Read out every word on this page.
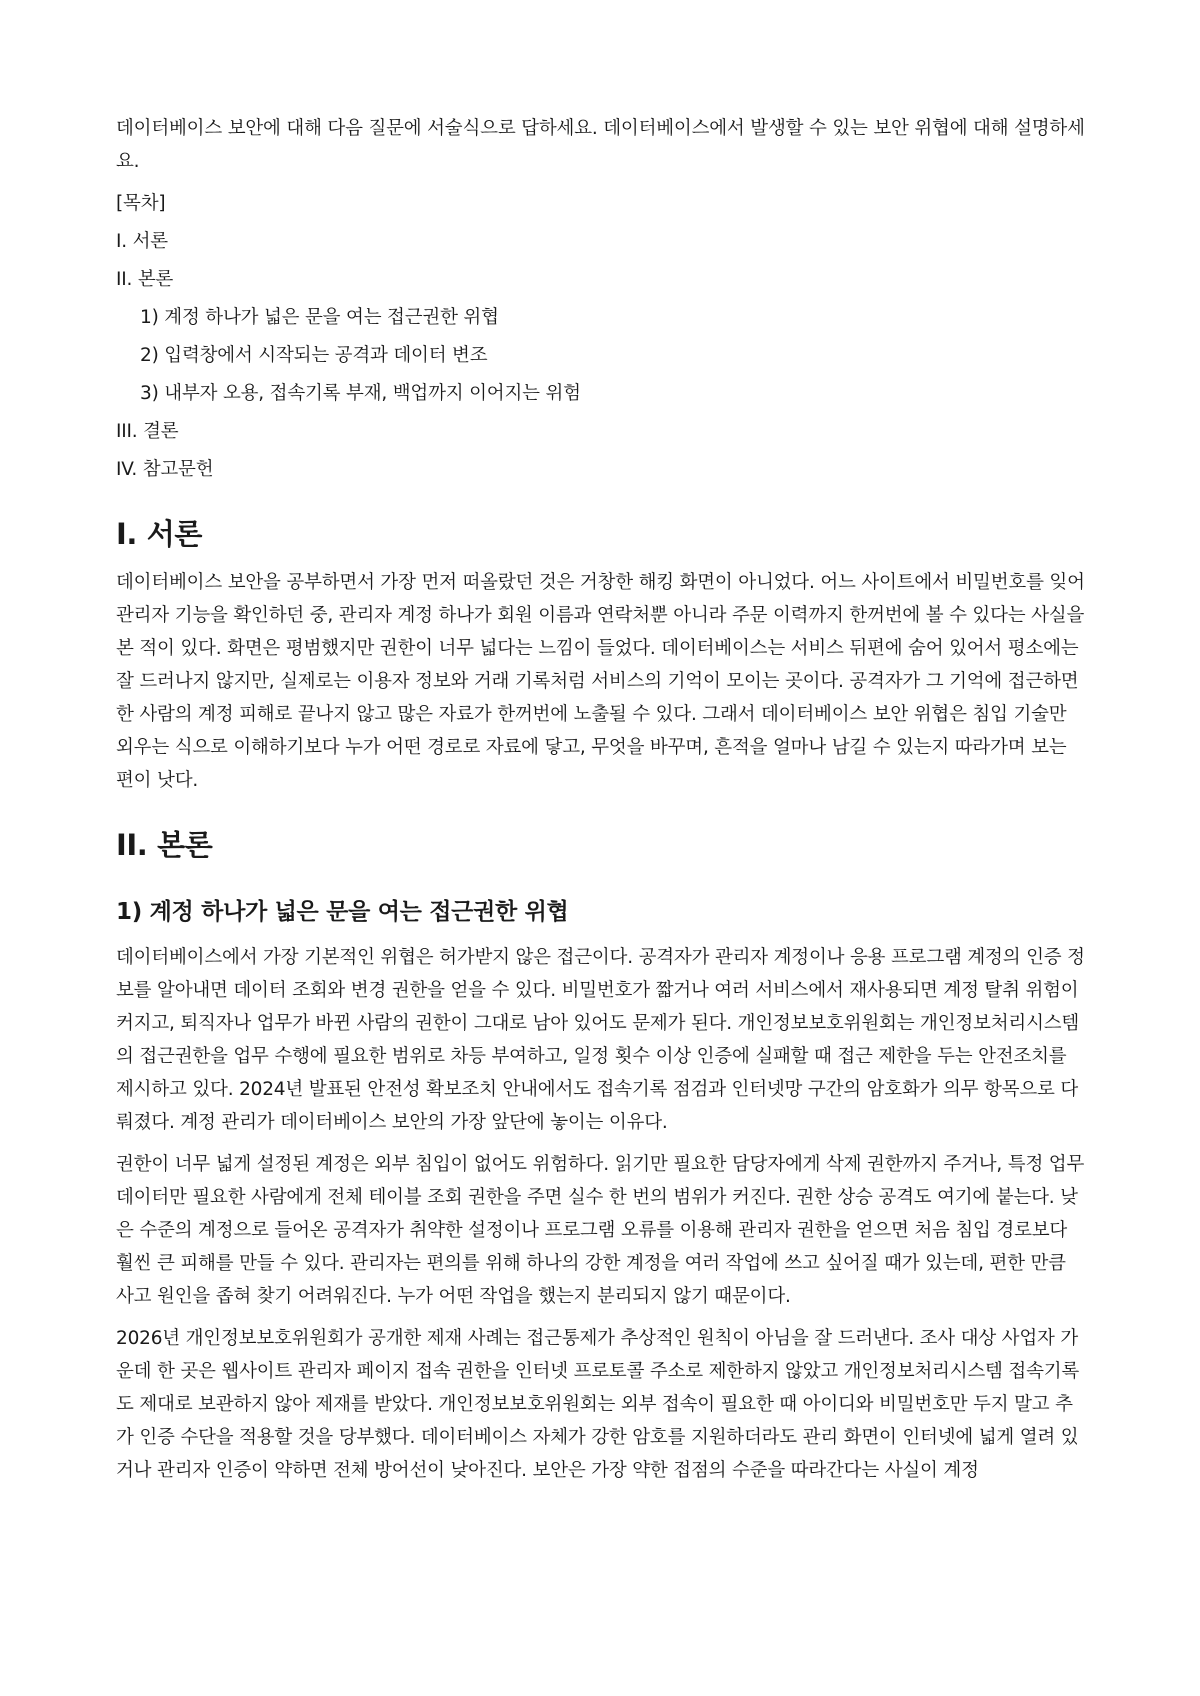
데이터베이스 보안에 대해 다음 질문에 서술식으로 답하세요. 데이터베이스에서 발생할 수 있는 보안 위협에 대해 설명하세요.

[목차]
I. 서론
II. 본론
1) 계정 하나가 넓은 문을 여는 접근권한 위협
2) 입력창에서 시작되는 공격과 데이터 변조
3) 내부자 오용, 접속기록 부재, 백업까지 이어지는 위험
III. 결론
IV. 참고문헌
I. 서론

데이터베이스 보안을 공부하면서 가장 먼저 떠올랐던 것은 거창한 해킹 화면이 아니었다. 어느 사이트에서 비밀번호를 잊어 관리자 기능을 확인하던 중, 관리자 계정 하나가 회원 이름과 연락처뿐 아니라 주문 이력까지 한꺼번에 볼 수 있다는 사실을 본 적이 있다. 화면은 평범했지만 권한이 너무 넓다는 느낌이 들었다. 데이터베이스는 서비스 뒤편에 숨어 있어서 평소에는 잘 드러나지 않지만, 실제로는 이용자 정보와 거래 기록처럼 서비스의 기억이 모이는 곳이다. 공격자가 그 기억에 접근하면 한 사람의 계정 피해로 끝나지 않고 많은 자료가 한꺼번에 노출될 수 있다. 그래서 데이터베이스 보안 위협은 침입 기술만 외우는 식으로 이해하기보다 누가 어떤 경로로 자료에 닿고, 무엇을 바꾸며, 흔적을 얼마나 남길 수 있는지 따라가며 보는 편이 낫다.

II. 본론
1) 계정 하나가 넓은 문을 여는 접근권한 위협

데이터베이스에서 가장 기본적인 위협은 허가받지 않은 접근이다. 공격자가 관리자 계정이나 응용 프로그램 계정의 인증 정보를 알아내면 데이터 조회와 변경 권한을 얻을 수 있다. 비밀번호가 짧거나 여러 서비스에서 재사용되면 계정 탈취 위험이 커지고, 퇴직자나 업무가 바뀐 사람의 권한이 그대로 남아 있어도 문제가 된다. 개인정보보호위원회는 개인정보처리시스템의 접근권한을 업무 수행에 필요한 범위로 차등 부여하고, 일정 횟수 이상 인증에 실패할 때 접근 제한을 두는 안전조치를 제시하고 있다. 2024년 발표된 안전성 확보조치 안내에서도 접속기록 점검과 인터넷망 구간의 암호화가 의무 항목으로 다뤄졌다. 계정 관리가 데이터베이스 보안의 가장 앞단에 놓이는 이유다.

권한이 너무 넓게 설정된 계정은 외부 침입이 없어도 위험하다. 읽기만 필요한 담당자에게 삭제 권한까지 주거나, 특정 업무 데이터만 필요한 사람에게 전체 테이블 조회 권한을 주면 실수 한 번의 범위가 커진다. 권한 상승 공격도 여기에 붙는다. 낮은 수준의 계정으로 들어온 공격자가 취약한 설정이나 프로그램 오류를 이용해 관리자 권한을 얻으면 처음 침입 경로보다 훨씬 큰 피해를 만들 수 있다. 관리자는 편의를 위해 하나의 강한 계정을 여러 작업에 쓰고 싶어질 때가 있는데, 편한 만큼 사고 원인을 좁혀 찾기 어려워진다. 누가 어떤 작업을 했는지 분리되지 않기 때문이다.

2026년 개인정보보호위원회가 공개한 제재 사례는 접근통제가 추상적인 원칙이 아님을 잘 드러낸다. 조사 대상 사업자 가운데 한 곳은 웹사이트 관리자 페이지 접속 권한을 인터넷 프로토콜 주소로 제한하지 않았고 개인정보처리시스템 접속기록도 제대로 보관하지 않아 제재를 받았다. 개인정보보호위원회는 외부 접속이 필요한 때 아이디와 비밀번호만 두지 말고 추가 인증 수단을 적용할 것을 당부했다. 데이터베이스 자체가 강한 암호를 지원하더라도 관리 화면이 인터넷에 넓게 열려 있거나 관리자 인증이 약하면 전체 방어선이 낮아진다. 보안은 가장 약한 접점의 수준을 따라간다는 사실이 계정
